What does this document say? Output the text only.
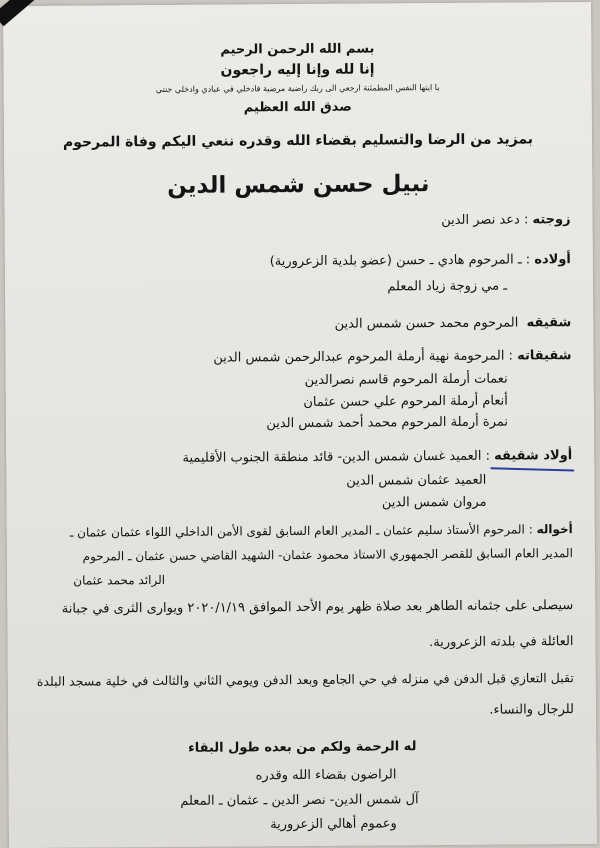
بسم الله الرحمن الرحيم
إنا لله وإنا إليه راجعون
يا ايتها النفس المطمئنة ارجعي الى ربك راضية مرضية فادخلي في عبادي وادخلي جنتي
صدق الله العظيم
بمزيد من الرضا والتسليم بقضاء الله وقدره ننعي اليكم وفاة المرحوم
نبيل حسن شمس الدين
زوجته : دعد نصر الدين
أولاده : ـ المرحوم هادي ـ حسن (عضو بلدية الزعرورية)
ـ مي زوجة زياد المعلم
شقيقه  المرحوم محمد حسن شمس الدين
شقيقاته : المرحومة نهية أرملة المرحوم عبدالرحمن شمس الدين
نعمات أرملة المرحوم قاسم نصرالدين
أنعام أرملة المرحوم علي حسن عثمان
نمرة أرملة المرحوم محمد أحمد شمس الدين
أولاد شقيقه : العميد غسان شمس الدين- قائد منطقة الجنوب الأقليمية
العميد عثمان شمس الدين
مروان شمس الدين
أخواله : المرحوم الأستاذ سليم عثمان ـ المدير العام السابق لقوى الأمن الداخلي اللواء عثمان عثمان ـ
المدير العام السابق للقصر الجمهوري الاستاذ محمود عثمان- الشهيد القاضي حسن عثمان ـ المرحوم
الرائد محمد عثمان
سيصلى على جثمانه الطاهر بعد صلاة ظهر يوم الأحد الموافق ٢٠٢٠/١/١٩ ويوارى الثرى في جبانة
العائلة في بلدته الزعرورية.
تقبل التعازي قبل الدفن في منزله في حي الجامع وبعد الدفن ويومي الثاني والثالث في خلية مسجد البلدة
للرجال والنساء.
له الرحمة ولكم من بعده طول البقاء
الراضون بقضاء الله وقدره
آل شمس الدين- نصر الدين ـ عثمان ـ المعلم
وعموم أهالي الزعرورية
